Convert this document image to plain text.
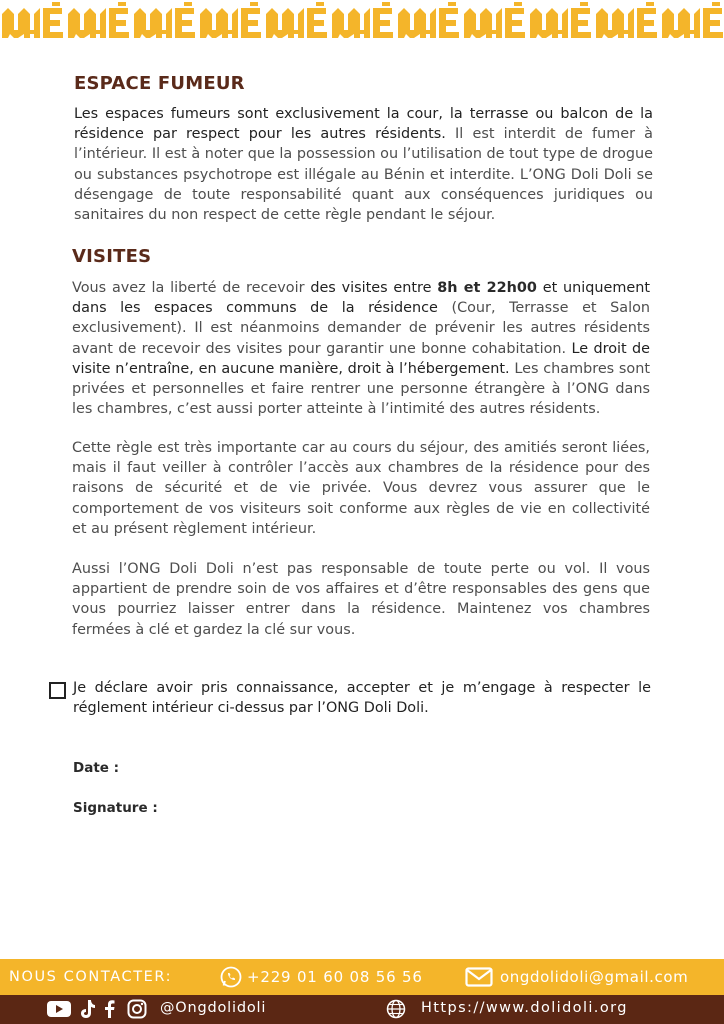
ESPACE FUMEUR

Les espaces fumeurs sont exclusivement la cour, la terrasse ou balcon de la résidence par respect pour les autres résidents. Il est interdit de fumer à l’intérieur. Il est à noter que la possession ou l’utilisation de tout type de drogue ou substances psychotrope est illégale au Bénin et interdite. L’ONG Doli Doli se désengage de toute responsabilité quant aux conséquences juridiques ou sanitaires du non respect de cette règle pendant le séjour.

VISITES

Vous avez la liberté de recevoir des visites entre 8h et 22h00 et uniquement dans les espaces communs de la résidence (Cour, Terrasse et Salon exclusivement). Il est néanmoins demander de prévenir les autres résidents avant de recevoir des visites pour garantir une bonne cohabitation. Le droit de visite n’entraîne, en aucune manière, droit à l’hébergement. Les chambres sont privées et personnelles et faire rentrer une personne étrangère à l’ONG dans les chambres, c’est aussi porter atteinte à l’intimité des autres résidents.

Cette règle est très importante car au cours du séjour, des amitiés seront liées, mais il faut veiller à contrôler l’accès aux chambres de la résidence pour des raisons de sécurité et de vie privée. Vous devrez vous assurer que le comportement de vos visiteurs soit conforme aux règles de vie en collectivité et au présent règlement intérieur.

Aussi l’ONG Doli Doli n’est pas responsable de toute perte ou vol. Il vous appartient de prendre soin de vos affaires et d’être responsables des gens que vous pourriez laisser entrer dans la résidence. Maintenez vos chambres fermées à clé et gardez la clé sur vous.

Je déclare avoir pris connaissance, accepter et je m’engage à respecter le réglement intérieur ci-dessus par l’ONG Doli Doli.

Date :

Signature :

NOUS CONTACTER:	+229 01 60 08 56 56	ongdolidoli@gmail.com
@Ongdolidoli	Https://www.dolidoli.org
